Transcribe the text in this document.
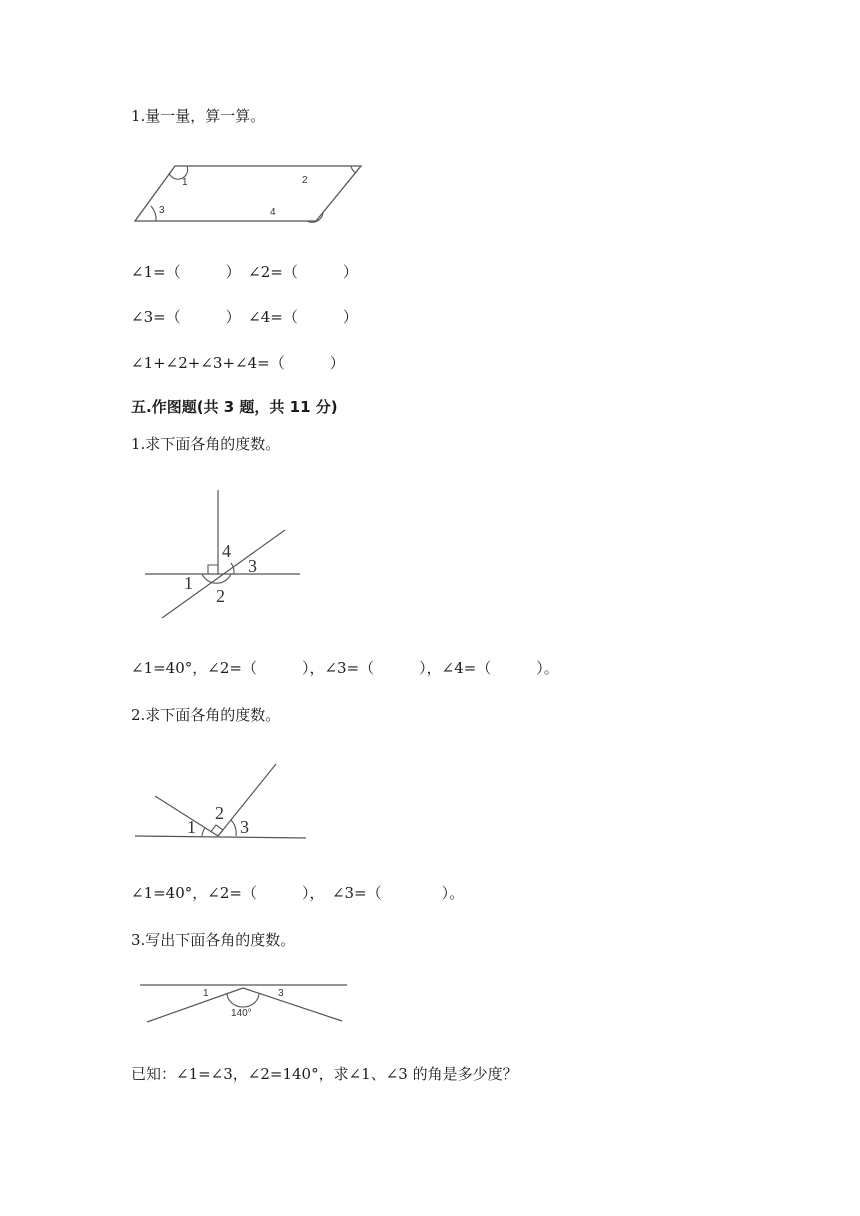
1.量一量，算一算。
1	2
3	4
∠1=（　　　）　∠2=（　　　）
∠3=（　　　）　∠4=（　　　）
∠1+∠2+∠3+∠4=（　　　）
五.作图题(共 3 题，共 11 分)
1.求下面各角的度数。
1
2
3
4
∠1=40°，∠2=（　　　），∠3=（　　　），∠4=（　　　）。
2.求下面各角的度数。
1
2
3
∠1=40°，∠2=（　　　），　∠3=（　　　　）。
3.写出下面各角的度数。
1	3
140°
已知：∠1=∠3，∠2=140°，求∠1、∠3 的角是多少度？
